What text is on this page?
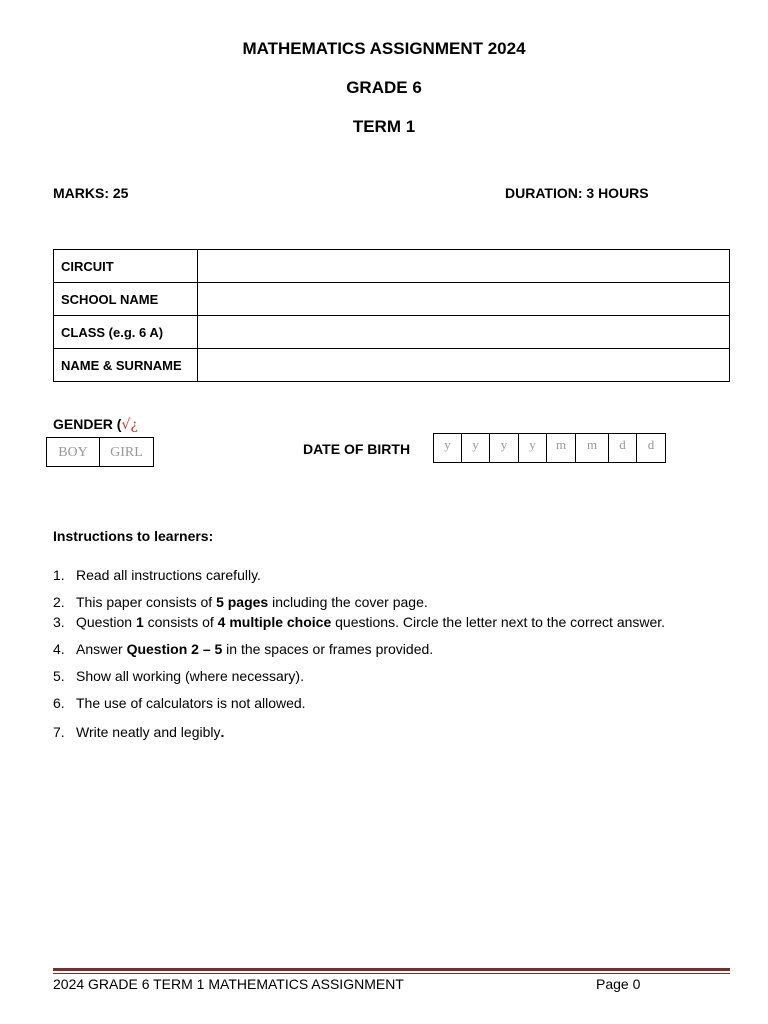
MATHEMATICS ASSIGNMENT 2024
GRADE 6
TERM 1
MARKS: 25	DURATION: 3 HOURS
CIRCUIT	
SCHOOL NAME	
CLASS (e.g. 6 A)	
NAME & SURNAME	
GENDER (√¿
BOY	GIRL	DATE OF BIRTH	y	y	y	y	m	m	d	d
Instructions to learners:
1. Read all instructions carefully.
2. This paper consists of 5 pages including the cover page.
3. Question 1 consists of 4 multiple choice questions. Circle the letter next to the correct answer.
4. Answer Question 2 – 5 in the spaces or frames provided.
5. Show all working (where necessary).
6. The use of calculators is not allowed.
7. Write neatly and legibly.
2024 GRADE 6 TERM 1 MATHEMATICS ASSIGNMENT	Page 0
